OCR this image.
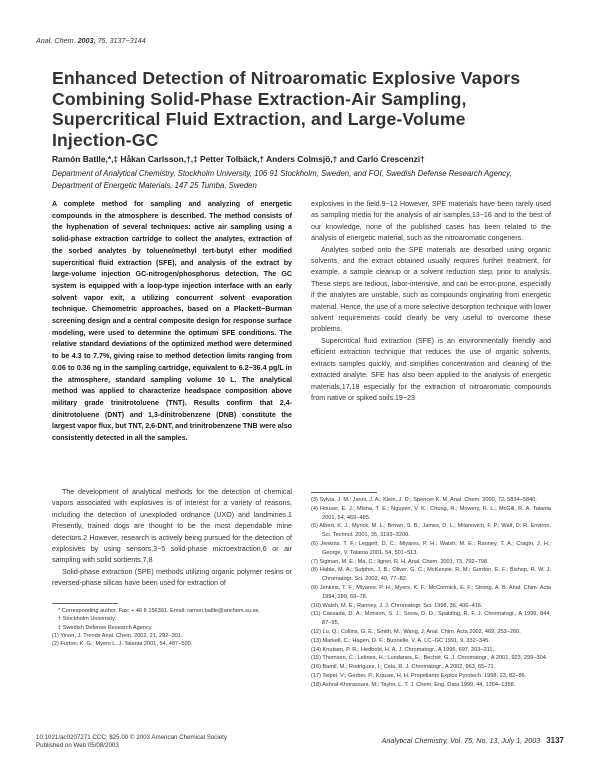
Anal. Chem. 2003, 75, 3137−3144
Enhanced Detection of Nitroaromatic Explosive Vapors Combining Solid-Phase Extraction-Air Sampling, Supercritical Fluid Extraction, and Large-Volume Injection-GC
Ramón Batlle,*,‡ Håkan Carlsson,†,‡ Petter Tolbäck,† Anders Colmsjö,† and Carlo Crescenzi†
Department of Analytical Chemistry, Stockholm University, 106 91 Stockholm, Sweden, and FOI, Swedish Defense Research Agency, Department of Energetic Materials, 147 25 Tumba, Sweden

A complete method for sampling and analyzing of energetic compounds in the atmosphere is described. The method consists of the hyphenation of several techniques: active air sampling using a solid-phase extraction cartridge to collect the analytes, extraction of the sorbed analytes by toluene/methyl tert-butyl ether modified supercritical fluid extraction (SFE), and analysis of the extract by large-volume injection GC-nitrogen/phosphorus detection. The GC system is equipped with a loop-type injection interface with an early solvent vapor exit, a utilizing concurrent solvent evaporation technique. Chemometric approaches, based on a Plackett−Burman screening design and a central composite design for response surface modeling, were used to determine the optimum SFE conditions. The relative standard deviations of the optimized method were determined to be 4.3 to 7.7%, giving raise to method detection limits ranging from 0.06 to 0.36 ng in the sampling cartridge, equivalent to 6.2−36.4 pg/L in the atmosphere, standard sampling volume 10 L. The analytical method was applied to characterize headspace composition above military grade trinitrotoluene (TNT). Results confirm that 2,4-dinitrotoluene (DNT) and 1,3-dinitrobenzene (DNB) constitute the largest vapor flux, but TNT, 2,6-DNT, and trinitrobenzene TNB were also consistently detected in all the samples.

The development of analytical methods for the detection of chemical vapors associated with explosives is of interest for a variety of reasons, including the detection of unexploded ordnance (UXO) and landmines.1 Presently, trained dogs are thought to be the most dependable mine detectors.2 However, research is actively being pursued for the detection of explosives by using sensors,3−5 solid-phase microextraction,6 or air sampling with solid sorbents.7,8

Solid-phase extraction (SPE) methods utilizing organic polymer resins or reversed-phase silicas have been used for extraction of

* Corresponding author. Fax: + 46 8 156391. Email: ramon.batlle@anchem.su.se.
† Stockholm University.
‡ Swedish Defense Research Agency.
(1) Yinon, J. Trends Anal. Chem. 2002, 21, 292−301.
(2) Furton, K. G.; Myers L. J. Talanta 2001, 54, 487−500.

explosives in the field.9−12 However, SPE materials have been rarely used as sampling media for the analysis of air samples,13−16 and to the best of our knowledge, none of the published cases has been related to the analysis of energetic material, such as the nitroaromatic congeners.

Analytes sorbed onto the SPE materials are desorbed using organic solvents, and the extract obtained usually requires further treatment, for example, a sample cleanup or a solvent reduction step, prior to analysis. These steps are tedious, labor-intensive, and can be error-prone, especially if the analytes are unstable, such as compounds originating from energetic material. Hence, the use of a more selective desorption technique with lower solvent requirements could clearly be very useful to overcome these problems.

Supercritical fluid extraction (SFE) is an environmentally friendly and efficient extraction technique that reduces the use of organic solvents, extracts samples quickly, and simplifies concentration and cleaning of the extracted analyte. SFE has also been applied to the analysis of energetic materials,17,18 especially for the extraction of nitroaromatic compounds from native or spiked soils.19−23

(3) Sylvia, J. M.; Janni, J. A.; Klein, J. D.; Spencer K. M. Anal. Chem. 2000, 72, 5834−5840.
(4) Houser, E. J.; Mlsna, T. E.; Nguyen, V. K.; Chung, R.; Mowery, R. L.; McGill, R. A. Talanta 2001, 54, 469−485.
(5) Albert, K. J.; Myrick, M. L.; Brown, S. B.; James, D. L.; Milanovich, F. P.; Walt, D. R. Environ. Sci. Technol. 2001, 35, 3193−3200.
(6) Jenkins, T. F.; Leggett, D. C.; Miyares, P. H.; Walsh, M. E.; Ranney, T. A.; Cragin, J. H.; George, V. Talanta 2001, 54, 501−513.
(7) Sigman, M. E.; Ma, C.; Ilgner, R. H. Anal. Chem. 2001, 73, 792−798.
(8) Hable, M. A.; Sutphin, J. B.; Oliver, G. C.; McKenzie, R. M.; Gordon, E. F.; Bishop, R. W. J. Chromatogr. Sci. 2002, 40, 77−82.
(9) Jenkins, T. F.; Miyares, P. H.; Myers, K. F.; McCormick, E. F.; Strong, A. B. Anal. Chim. Acta 1994, 289, 69−78.
(10) Walsh, M. E.; Ranney, J. J. Chromatogr. Sci. 1998, 36, 406−416.
(11) Cassada, D. A.; Monson, S. J.; Snow, D. D.; Spalding, R. F. J. Chromatogr., A 1999, 844, 87−95.
(12) Lu, Q.; Collins, G. E.; Smith, M.; Wang, J. Anal. Chim. Acta 2002, 469, 253−260.
(13) Markell, C.; Hagen, D. F.; Bunnelle, V. A. LC−GC 1991, 9, 332−345.
(14) Knutsen, P. R.; Hedbold, H. A. J. Chromatogr., A 1996, 697, 203−211.
(15) Thomsen, C.; Leknes, H.; Lundanes, E.; Becher, G. J. Chromatogr., A 2001, 923, 299−304.
(16) Bamil, M.; Rodriguez, I.; Cela, R. J. Chromatogr., A 2002, 963, 65−71.
(17) Teipel, V.; Gerber, P.; Krause, H. H. Propellants Explos Pyrotech. 1998, 23, 82−86.
(18) Ashraf-Khorassani, M.; Taylor, L. T. J. Chem. Eng. Data 1999, 44, 1354−1358.
10.1021/ac0207271 CCC: $25.00 © 2003 American Chemical Society
Published on Web 05/08/2003
Analytical Chemistry, Vol. 75, No. 13, July 1, 2003 3137
